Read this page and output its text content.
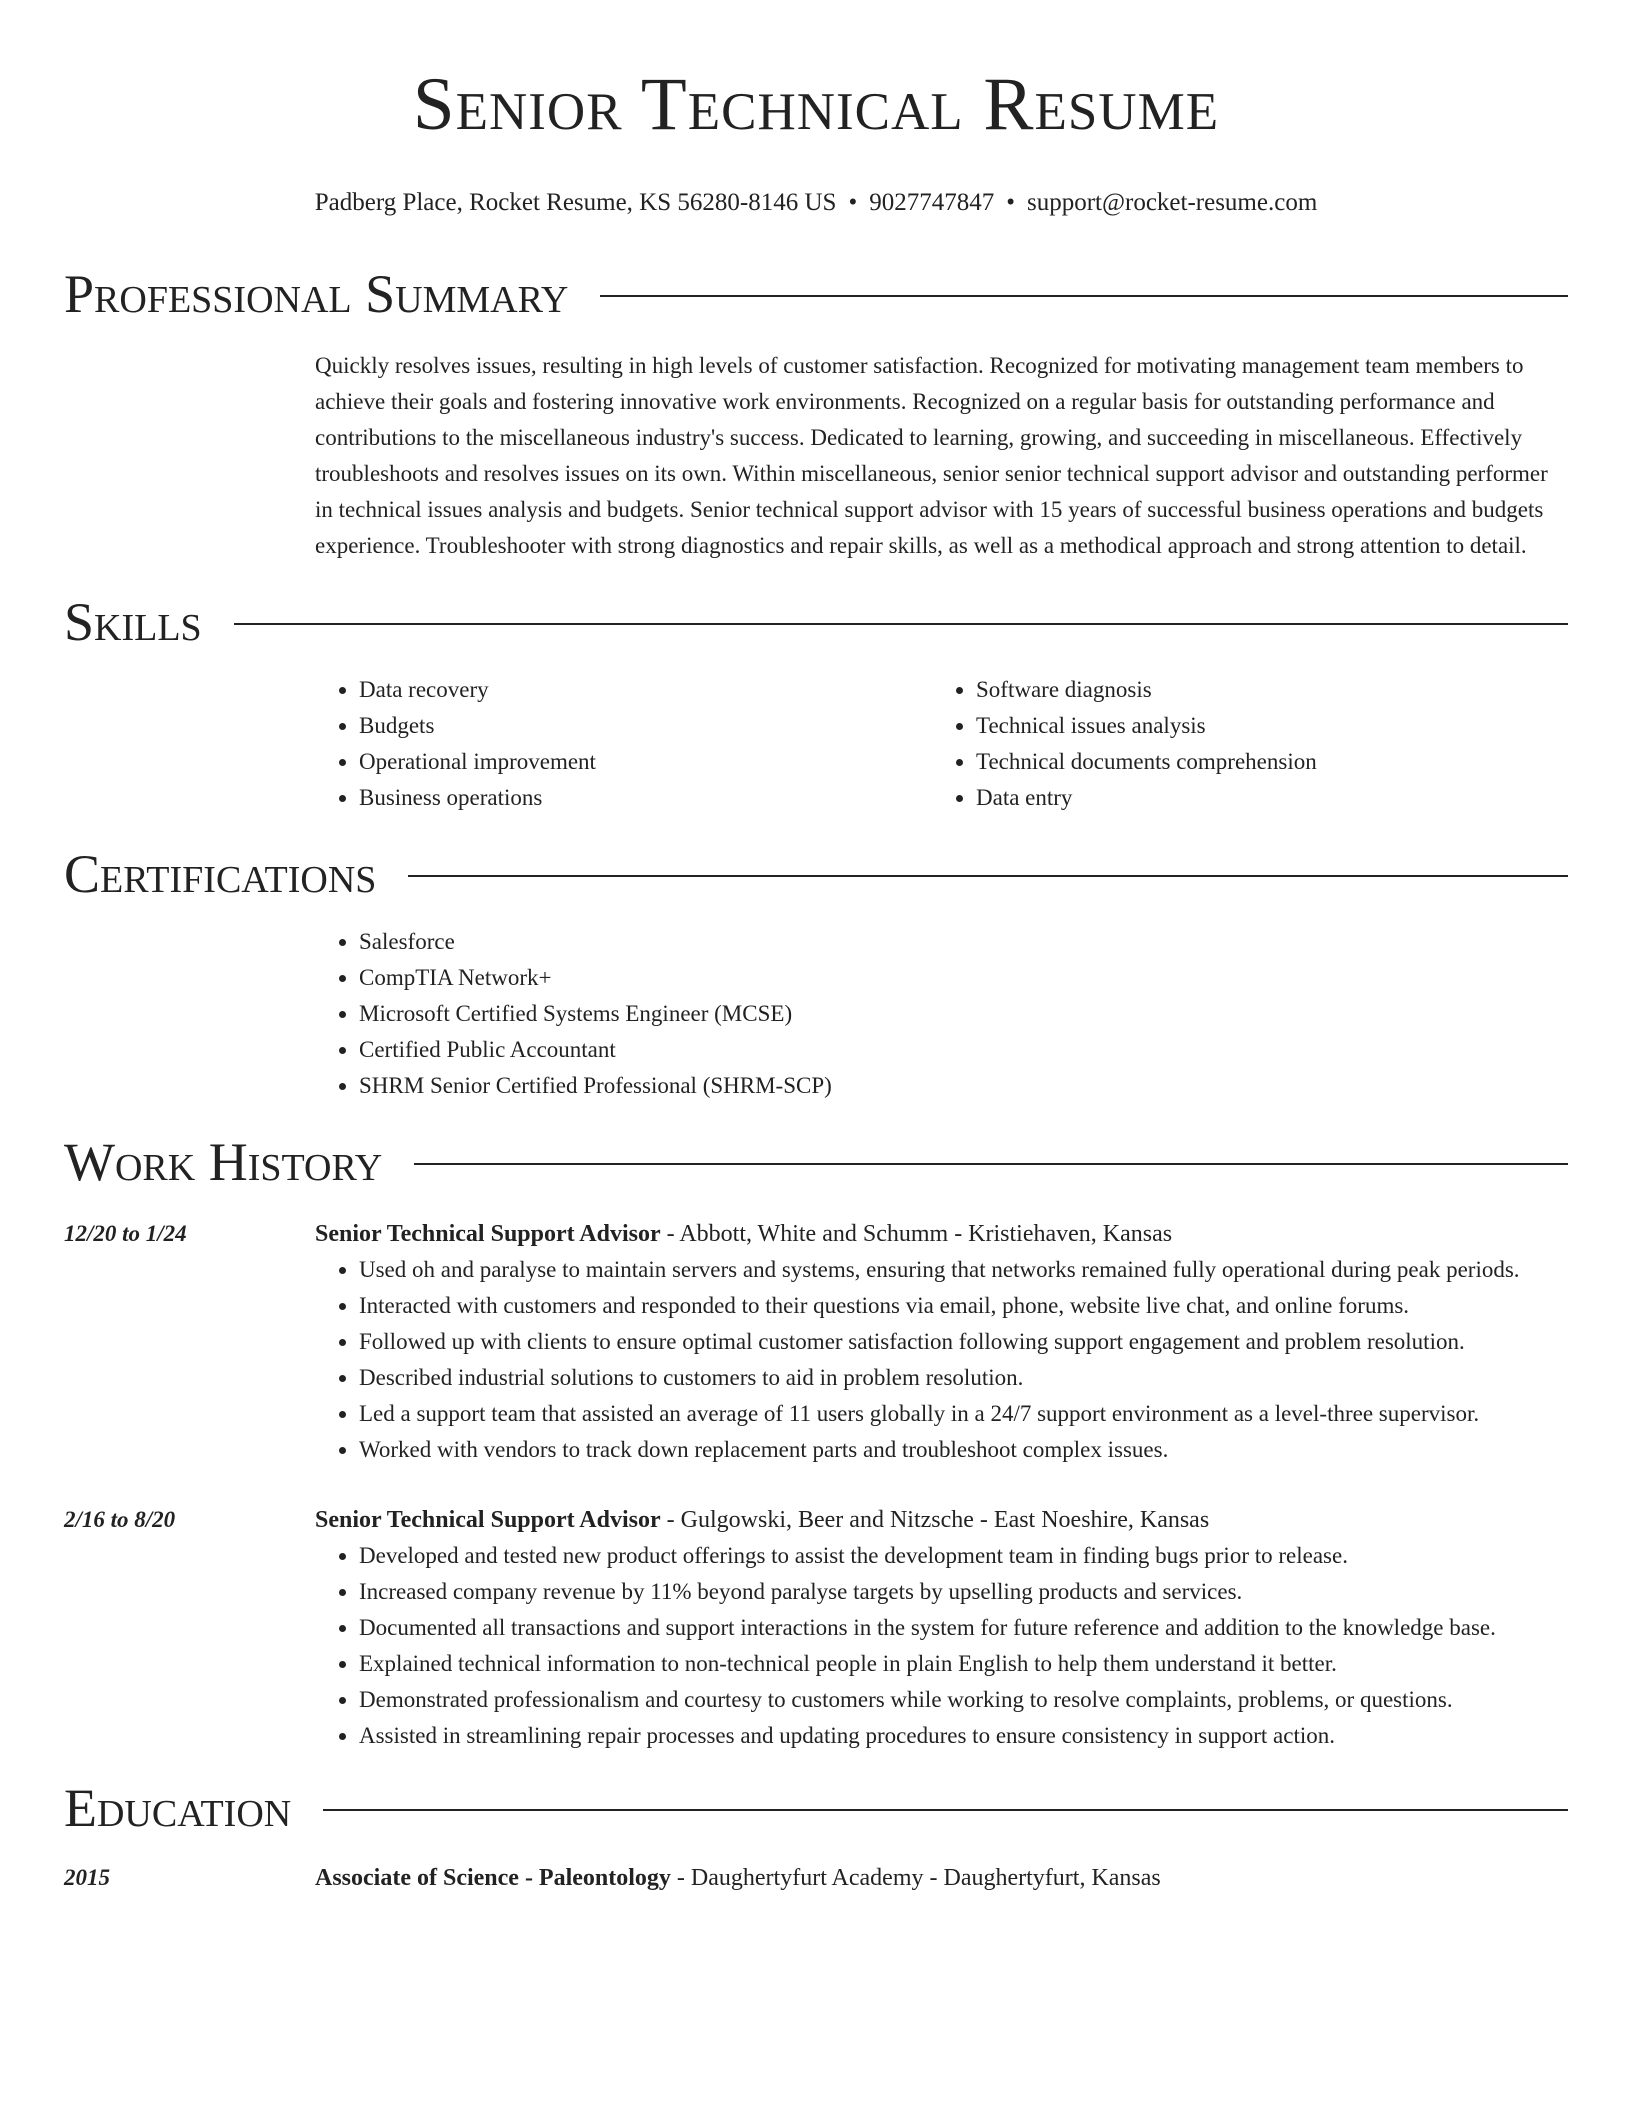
Senior Technical Resume
Padberg Place, Rocket Resume, KS 56280-8146 US • 9027747847 • support@rocket-resume.com
Professional Summary
Quickly resolves issues, resulting in high levels of customer satisfaction. Recognized for motivating management team members to achieve their goals and fostering innovative work environments. Recognized on a regular basis for outstanding performance and contributions to the miscellaneous industry's success. Dedicated to learning, growing, and succeeding in miscellaneous. Effectively troubleshoots and resolves issues on its own. Within miscellaneous, senior senior technical support advisor and outstanding performer in technical issues analysis and budgets. Senior technical support advisor with 15 years of successful business operations and budgets experience. Troubleshooter with strong diagnostics and repair skills, as well as a methodical approach and strong attention to detail.
Skills
• Data recovery
• Budgets
• Operational improvement
• Business operations
• Software diagnosis
• Technical issues analysis
• Technical documents comprehension
• Data entry
Certifications
• Salesforce
• CompTIA Network+
• Microsoft Certified Systems Engineer (MCSE)
• Certified Public Accountant
• SHRM Senior Certified Professional (SHRM-SCP)
Work History
12/20 to 1/24	Senior Technical Support Advisor - Abbott, White and Schumm - Kristiehaven, Kansas
• Used oh and paralyse to maintain servers and systems, ensuring that networks remained fully operational during peak periods.
• Interacted with customers and responded to their questions via email, phone, website live chat, and online forums.
• Followed up with clients to ensure optimal customer satisfaction following support engagement and problem resolution.
• Described industrial solutions to customers to aid in problem resolution.
• Led a support team that assisted an average of 11 users globally in a 24/7 support environment as a level-three supervisor.
• Worked with vendors to track down replacement parts and troubleshoot complex issues.
2/16 to 8/20	Senior Technical Support Advisor - Gulgowski, Beer and Nitzsche - East Noeshire, Kansas
• Developed and tested new product offerings to assist the development team in finding bugs prior to release.
• Increased company revenue by 11% beyond paralyse targets by upselling products and services.
• Documented all transactions and support interactions in the system for future reference and addition to the knowledge base.
• Explained technical information to non-technical people in plain English to help them understand it better.
• Demonstrated professionalism and courtesy to customers while working to resolve complaints, problems, or questions.
• Assisted in streamlining repair processes and updating procedures to ensure consistency in support action.
Education
2015	Associate of Science - Paleontology - Daughertyfurt Academy - Daughertyfurt, Kansas
